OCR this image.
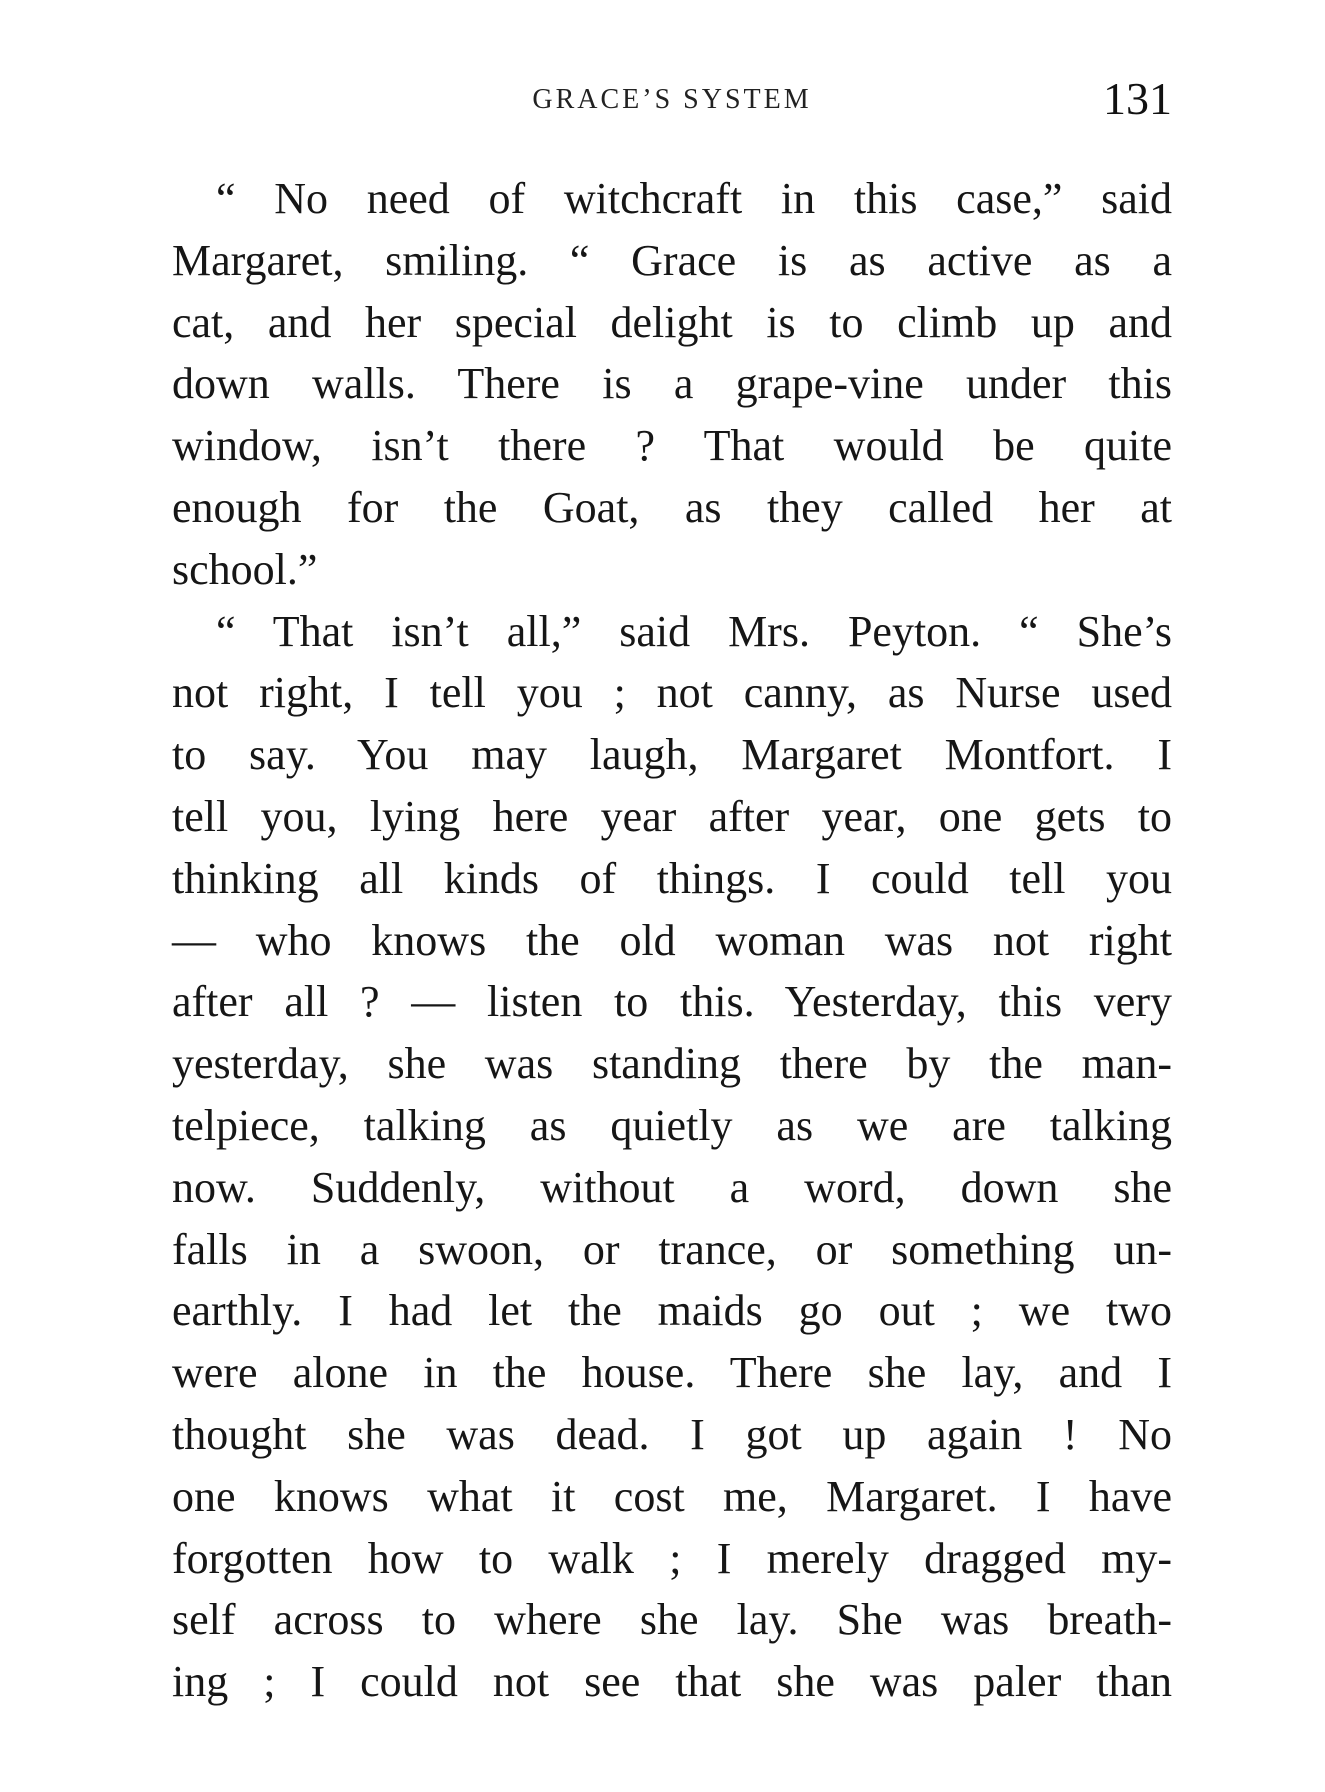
GRACE’S SYSTEM	131
“ No need of witchcraft in this case,” said
Margaret, smiling. “ Grace is as active as a
cat, and her special delight is to climb up and
down walls. There is a grape-vine under this
window, isn’t there ? That would be quite
enough for the Goat, as they called her at
school.”
“ That isn’t all,” said Mrs. Peyton. “ She’s
not right, I tell you ; not canny, as Nurse used
to say. You may laugh, Margaret Montfort. I
tell you, lying here year after year, one gets to
thinking all kinds of things. I could tell you
— who knows the old woman was not right
after all ? — listen to this. Yesterday, this very
yesterday, she was standing there by the man-
telpiece, talking as quietly as we are talking
now. Suddenly, without a word, down she
falls in a swoon, or trance, or something un-
earthly. I had let the maids go out ; we two
were alone in the house. There she lay, and I
thought she was dead. I got up again ! No
one knows what it cost me, Margaret. I have
forgotten how to walk ; I merely dragged my-
self across to where she lay. She was breath-
ing ; I could not see that she was paler than
